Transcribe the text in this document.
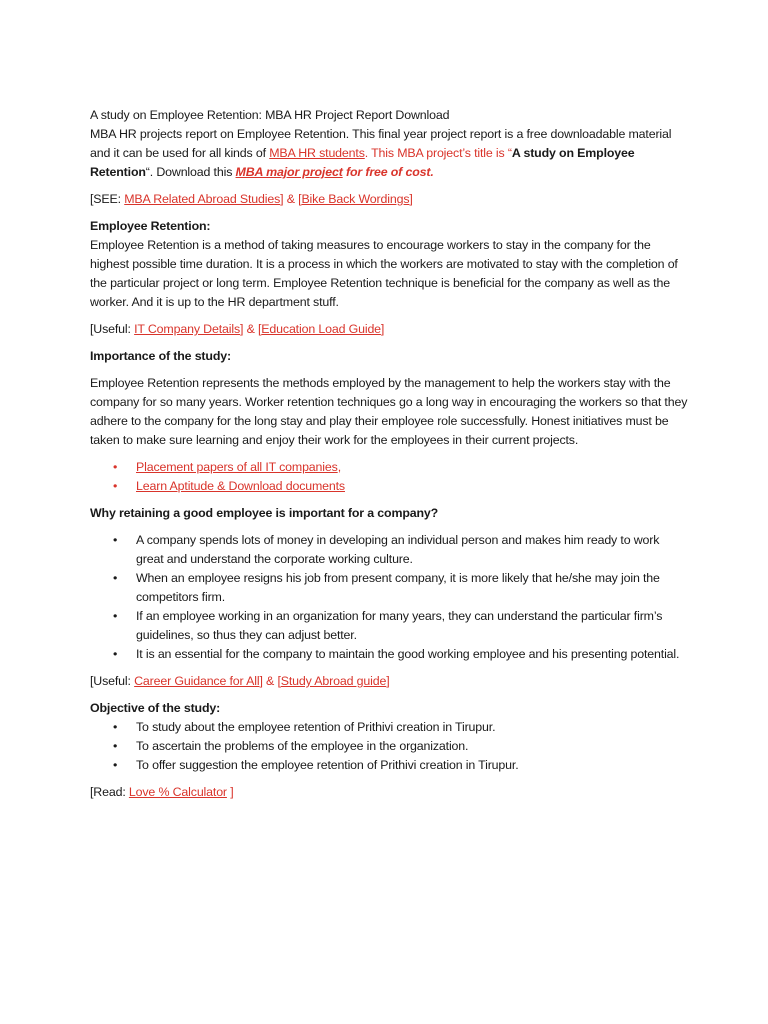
A study on Employee Retention: MBA HR Project Report Download

MBA HR projects report on Employee Retention. This final year project report is a free downloadable material and it can be used for all kinds of MBA HR students. This MBA project’s title is “A study on Employee Retention“. Download this MBA major project for free of cost.

[SEE: MBA Related Abroad Studies] & [Bike Back Wordings]

Employee Retention:

Employee Retention is a method of taking measures to encourage workers to stay in the company for the highest possible time duration. It is a process in which the workers are motivated to stay with the completion of the particular project or long term. Employee Retention technique is beneficial for the company as well as the worker. And it is up to the HR department stuff.

[Useful: IT Company Details] & [Education Load Guide]

Importance of the study:

Employee Retention represents the methods employed by the management to help the workers stay with the company for so many years. Worker retention techniques go a long way in encouraging the workers so that they adhere to the company for the long stay and play their employee role successfully. Honest initiatives must be taken to make sure learning and enjoy their work for the employees in their current projects.

• Placement papers of all IT companies,
• Learn Aptitude & Download documents

Why retaining a good employee is important for a company?

• A company spends lots of money in developing an individual person and makes him ready to work great and understand the corporate working culture.
• When an employee resigns his job from present company, it is more likely that he/she may join the competitors firm.
• If an employee working in an organization for many years, they can understand the particular firm’s guidelines, so thus they can adjust better.
• It is an essential for the company to maintain the good working employee and his presenting potential.

[Useful: Career Guidance for All] & [Study Abroad guide]

Objective of the study:

• To study about the employee retention of Prithivi creation in Tirupur.
• To ascertain the problems of the employee in the organization.
• To offer suggestion the employee retention of Prithivi creation in Tirupur.

[Read: Love % Calculator ]
